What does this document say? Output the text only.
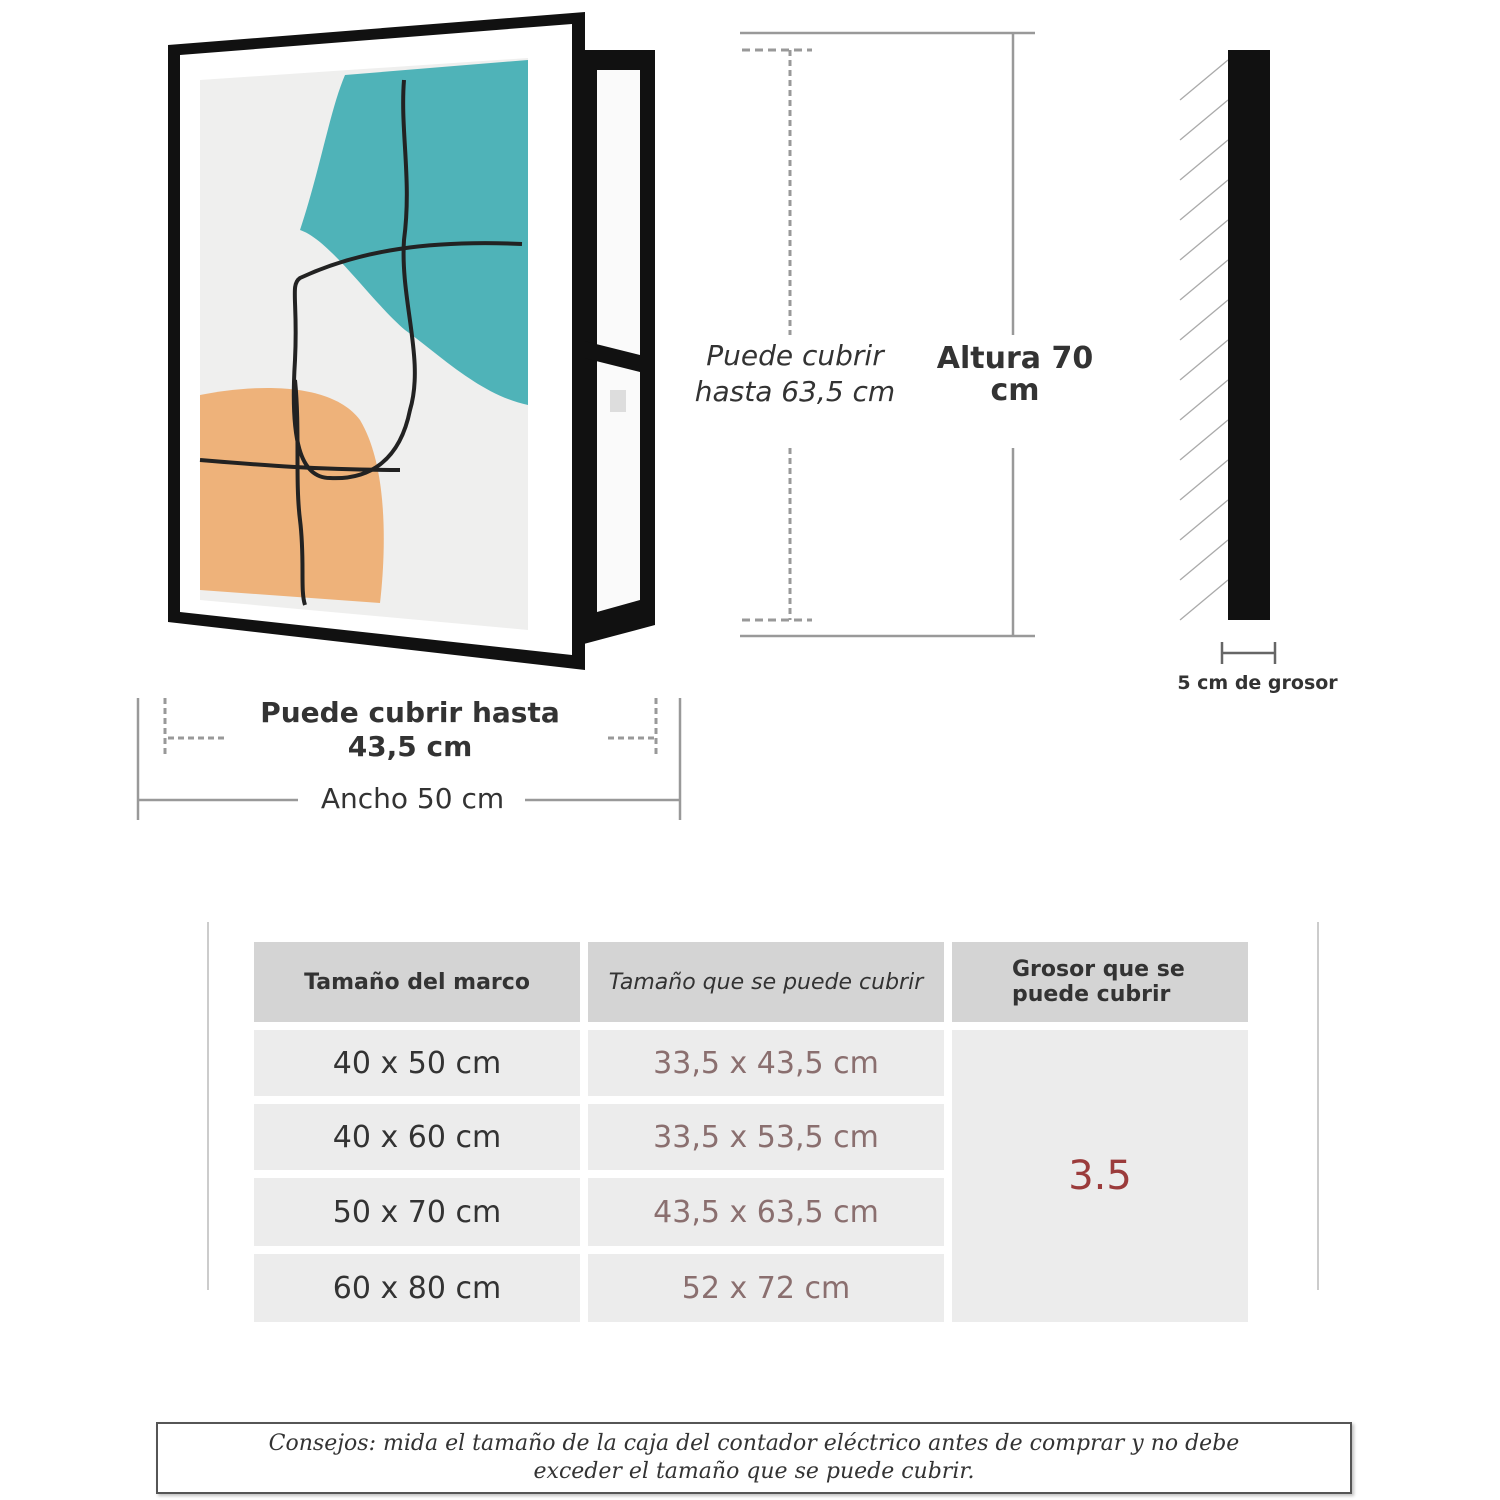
Puede cubrir
hasta 63,5 cm
Altura 70
cm
5 cm de grosor
Puede cubrir hasta
43,5 cm
Ancho 50 cm
Tamaño del marco	Tamaño que se puede cubrir	Grosor que se
puede cubrir
40 x 50 cm	33,5 x 43,5 cm
40 x 60 cm	33,5 x 53,5 cm
50 x 70 cm	43,5 x 63,5 cm
60 x 80 cm	52 x 72 cm
3.5
Consejos: mida el tamaño de la caja del contador eléctrico antes de comprar y no debe exceder el tamaño que se puede cubrir.
